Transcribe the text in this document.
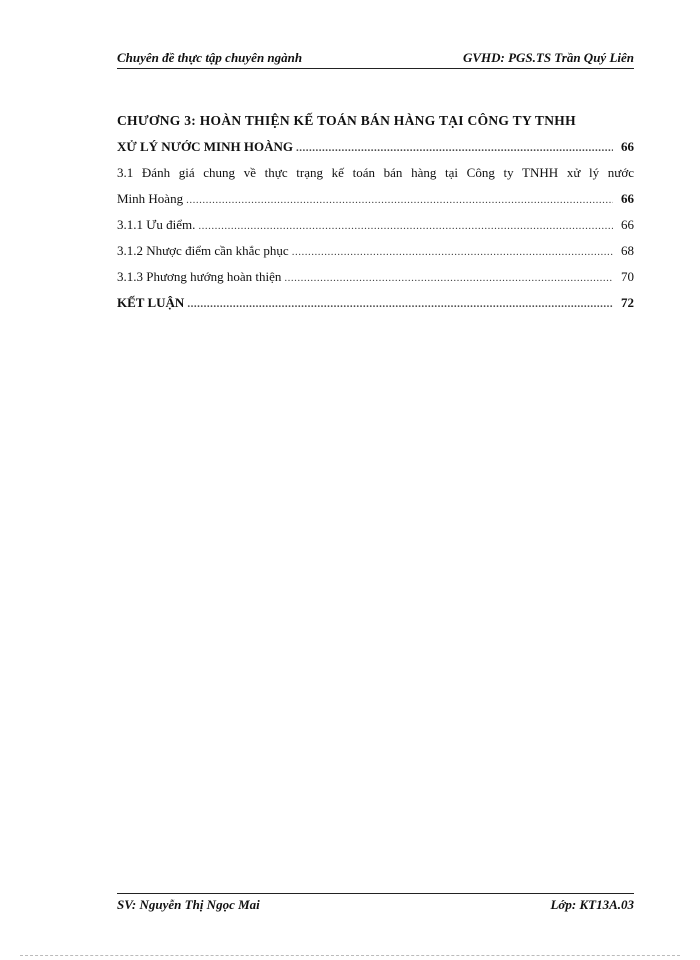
Chuyên đề thực tập chuyên ngành	GVHD: PGS.TS Trần Quý Liên
CHƯƠNG 3: HOÀN THIỆN KẾ TOÁN BÁN HÀNG TẠI CÔNG TY TNHH
XỬ LÝ NƯỚC MINH HOÀNG .....	66
3.1 Đánh giá chung về thực trạng kế toán bán hàng tại Công ty TNHH xử lý nước
Minh Hoàng .....	66
3.1.1 Ưu điểm. .....	66
3.1.2 Nhược điểm cần khắc phục .....	68
3.1.3 Phương hướng hoàn thiện .....	70
KẾT LUẬN .....	72
SV: Nguyễn Thị Ngọc Mai	Lớp: KT13A.03
